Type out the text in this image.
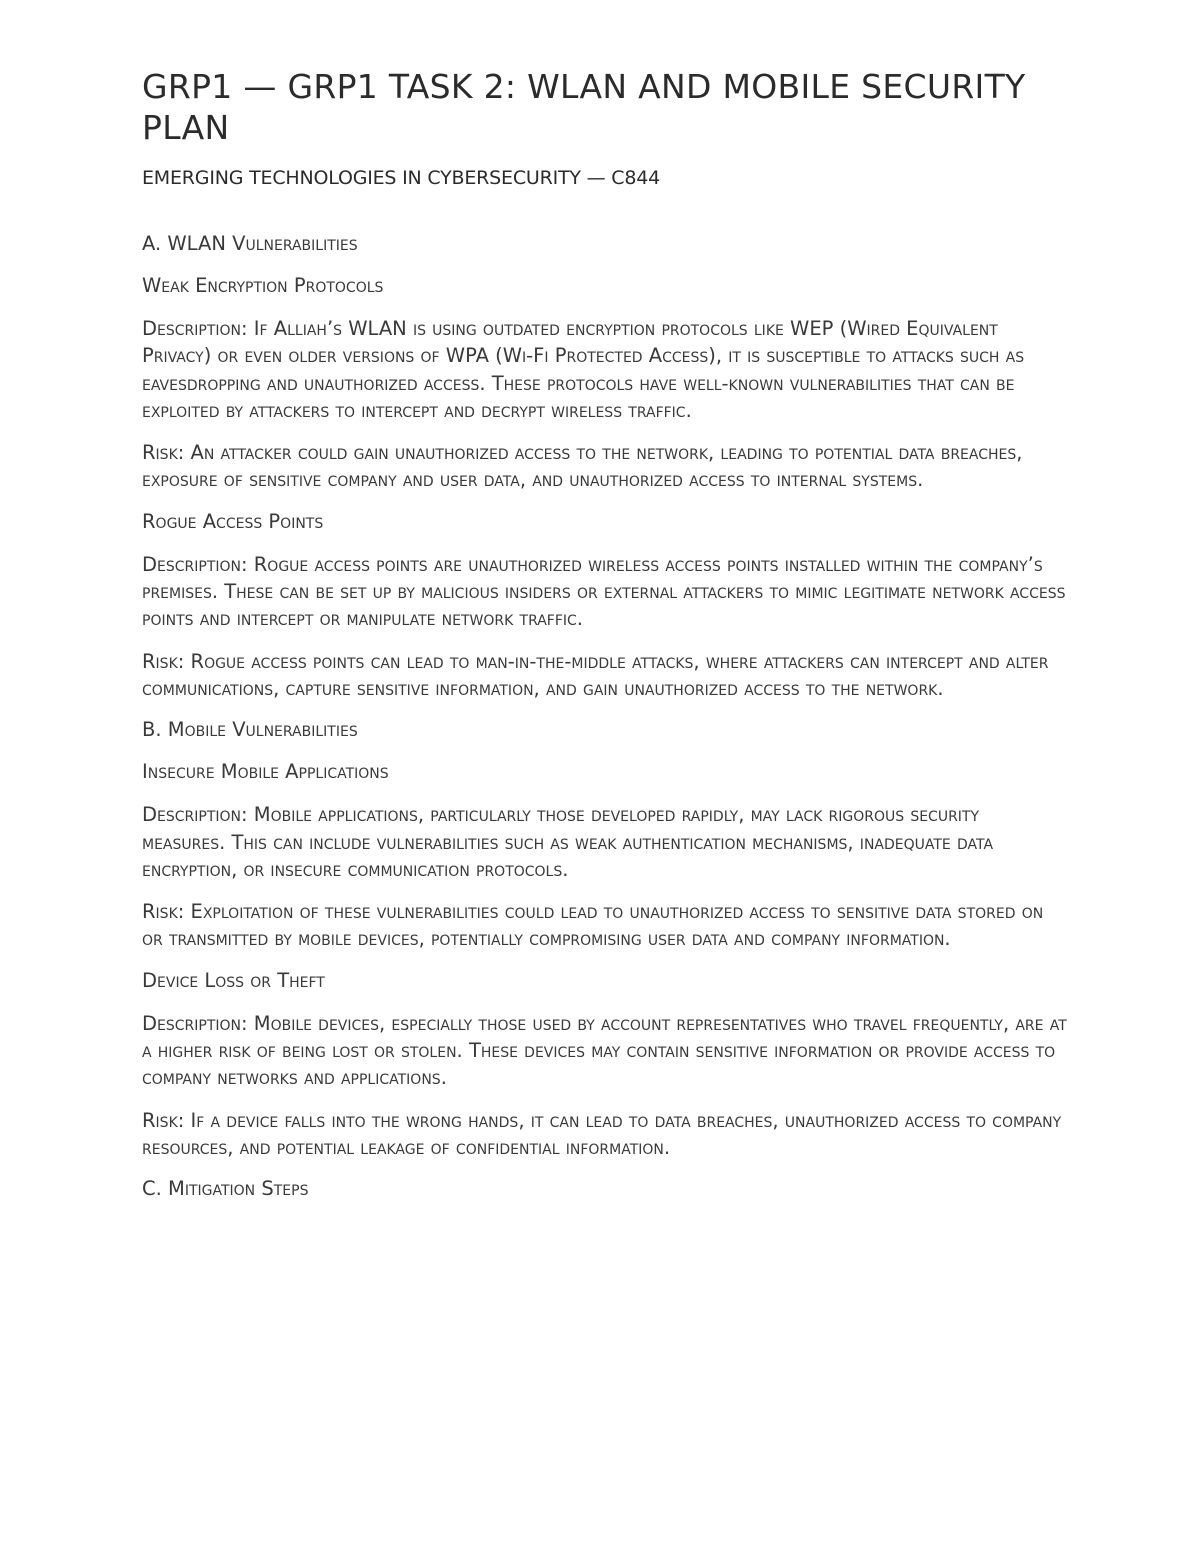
GRP1 — GRP1 TASK 2: WLAN AND MOBILE SECURITY PLAN
EMERGING TECHNOLOGIES IN CYBERSECURITY — C844
A. WLAN Vulnerabilities
Weak Encryption Protocols

Description: If Alliah’s WLAN is using outdated encryption protocols like WEP (Wired Equivalent Privacy) or even older versions of WPA (Wi-Fi Protected Access), it is susceptible to attacks such as eavesdropping and unauthorized access. These protocols have well-known vulnerabilities that can be exploited by attackers to intercept and decrypt wireless traffic.

Risk: An attacker could gain unauthorized access to the network, leading to potential data breaches, exposure of sensitive company and user data, and unauthorized access to internal systems.

Rogue Access Points

Description: Rogue access points are unauthorized wireless access points installed within the company’s premises. These can be set up by malicious insiders or external attackers to mimic legitimate network access points and intercept or manipulate network traffic.

Risk: Rogue access points can lead to man-in-the-middle attacks, where attackers can intercept and alter communications, capture sensitive information, and gain unauthorized access to the network.

B. Mobile Vulnerabilities
Insecure Mobile Applications

Description: Mobile applications, particularly those developed rapidly, may lack rigorous security measures. This can include vulnerabilities such as weak authentication mechanisms, inadequate data encryption, or insecure communication protocols.

Risk: Exploitation of these vulnerabilities could lead to unauthorized access to sensitive data stored on or transmitted by mobile devices, potentially compromising user data and company information.

Device Loss or Theft

Description: Mobile devices, especially those used by account representatives who travel frequently, are at a higher risk of being lost or stolen. These devices may contain sensitive information or provide access to company networks and applications.

Risk: If a device falls into the wrong hands, it can lead to data breaches, unauthorized access to company resources, and potential leakage of confidential information.

C. Mitigation Steps
